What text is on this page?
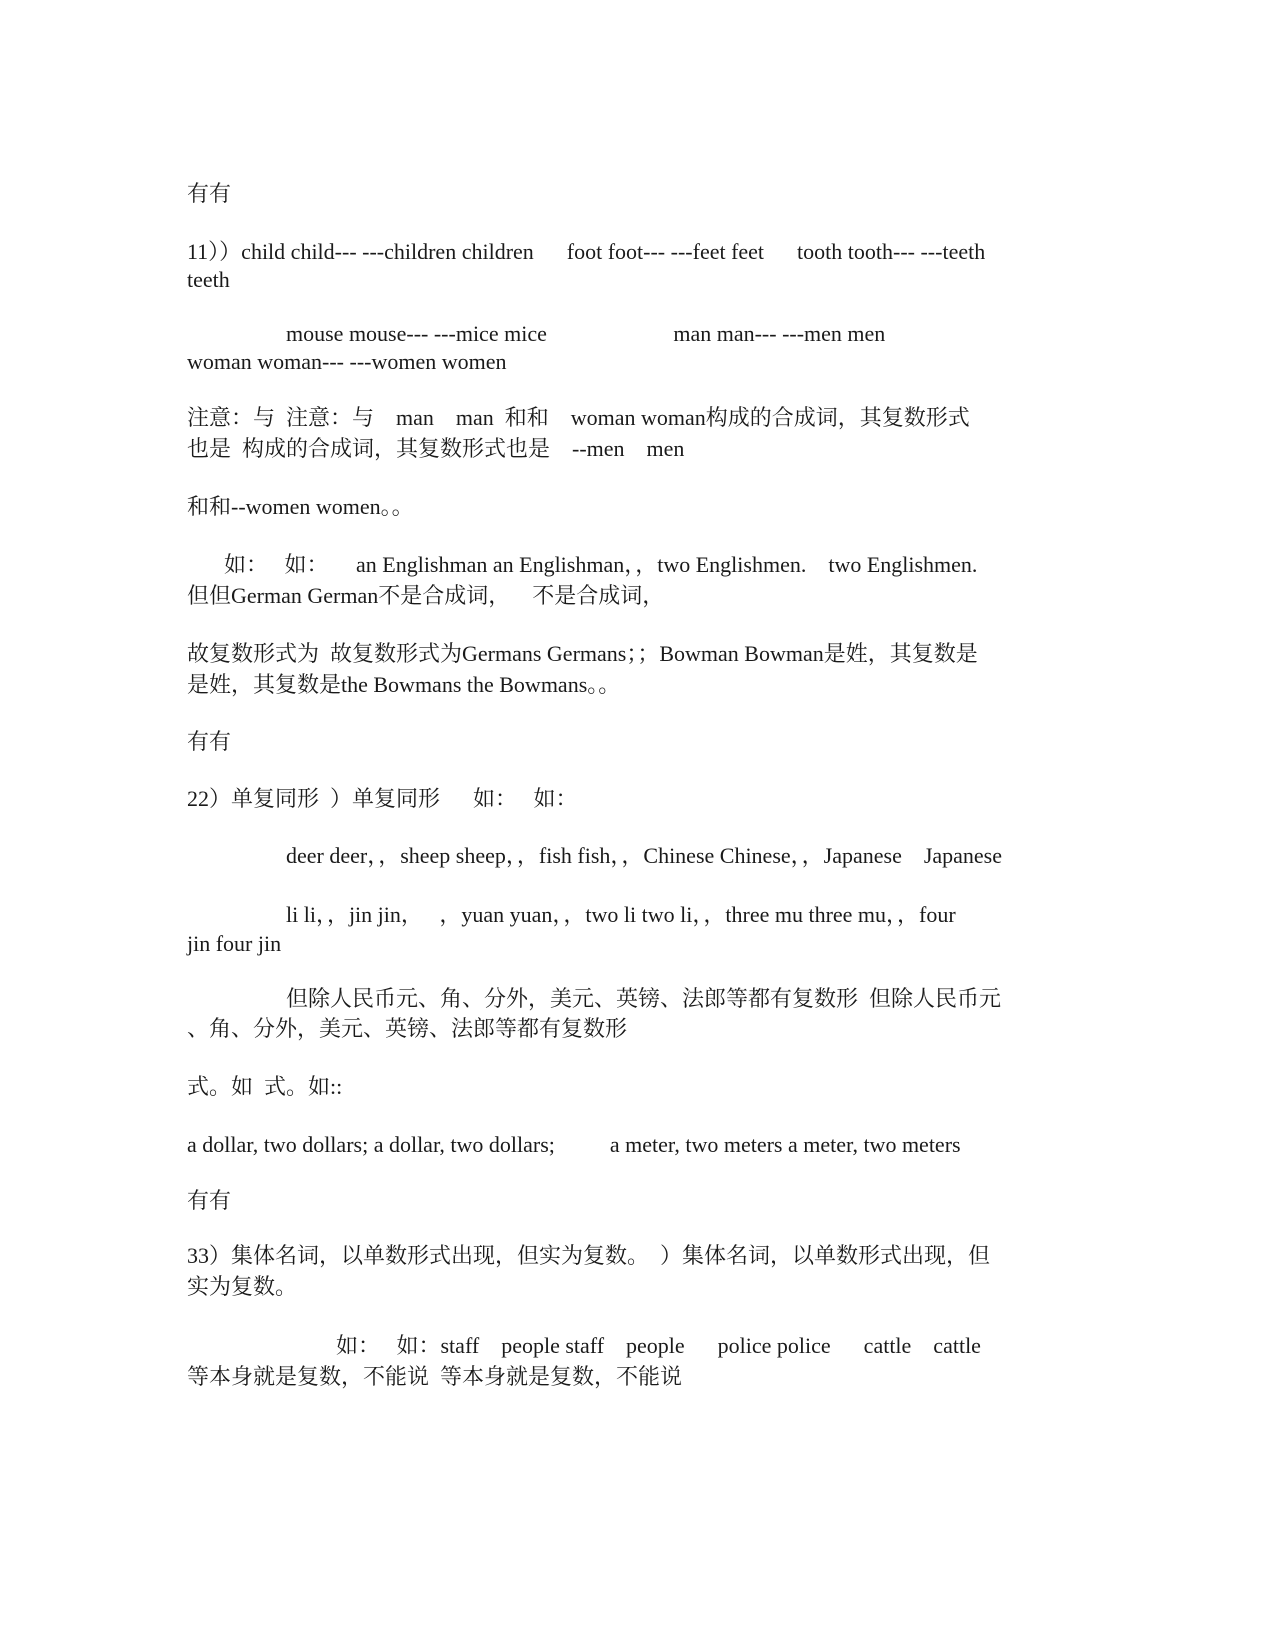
有有

11））child child--- ---children children      foot foot--- ---feet feet      tooth tooth--- ---teeth

teeth

mouse mouse--- ---mice mice                       man man--- ---men men

woman woman--- ---women women

注意：与  注意：与    man    man  和和    woman woman构成的合成词，其复数形式

也是  构成的合成词，其复数形式也是    --men    men

和和--women women。。

如：   如：     an Englishman an Englishman，，two Englishmen.    two Englishmen.

但但German German不是合成词，    不是合成词，

故复数形式为  故复数形式为Germans Germans；；Bowman Bowman是姓，其复数是

是姓，其复数是the Bowmans the Bowmans。。

有有

22）单复同形  ）单复同形      如：   如：

deer deer，，sheep sheep，，fish fish，，Chinese Chinese，，Japanese    Japanese

li li，，jin jin，   ，yuan yuan，，two li two li，，three mu three mu，，four

jin four jin

但除人民币元、角、分外，美元、英镑、法郎等都有复数形  但除人民币元

、角、分外，美元、英镑、法郎等都有复数形

式。如  式。如::

a dollar, two dollars; a dollar, two dollars;          a meter, two meters a meter, two meters

有有

33）集体名词，以单数形式出现，但实为复数。  ）集体名词，以单数形式出现，但

实为复数。

如：   如：staff    people staff    people      police police      cattle    cattle

等本身就是复数，不能说  等本身就是复数，不能说
